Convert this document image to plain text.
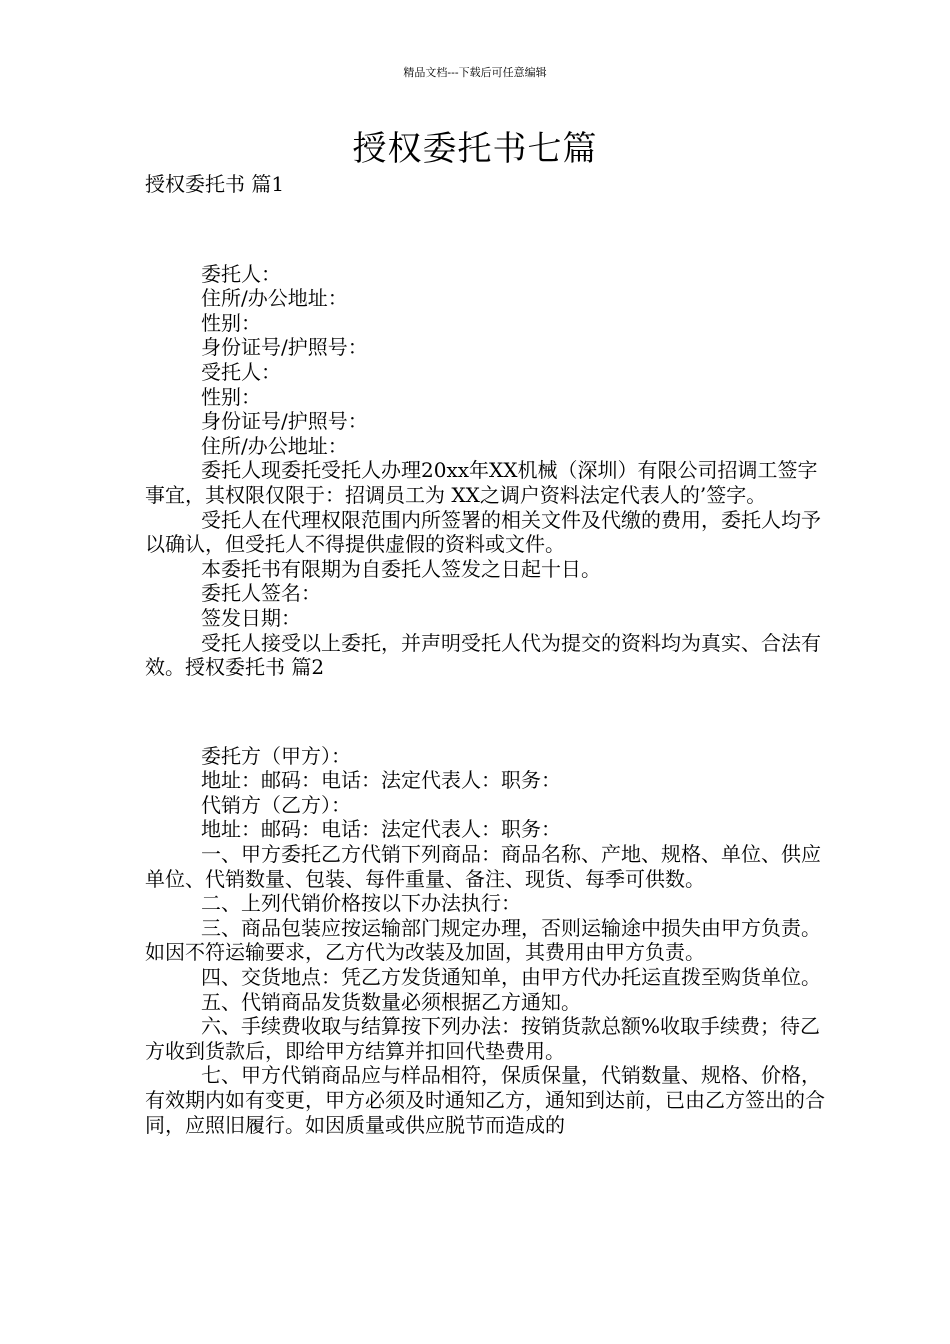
精品文档---下载后可任意编辑
授权委托书七篇

授权委托书 篇1

委托人：

住所/办公地址：

性别：

身份证号/护照号：

受托人：

性别：

身份证号/护照号：

住所/办公地址：

委托人现委托受托人办理20xx年XX机械（深圳）有限公司招调工签字事宜，其权限仅限于：招调员工为 XX之调户资料法定代表人的’签字。

受托人在代理权限范围内所签署的相关文件及代缴的费用，委托人均予以确认，但受托人不得提供虚假的资料或文件。

本委托书有限期为自委托人签发之日起十日。

委托人签名：

签发日期：

受托人接受以上委托，并声明受托人代为提交的资料均为真实、合法有效。授权委托书 篇2

委托方（甲方）：

地址：邮码：电话：法定代表人：职务：

代销方（乙方）：

地址：邮码：电话：法定代表人：职务：

一、甲方委托乙方代销下列商品：商品名称、产地、规格、单位、供应单位、代销数量、包装、每件重量、备注、现货、每季可供数。

二、上列代销价格按以下办法执行：

三、商品包装应按运输部门规定办理，否则运输途中损失由甲方负责。如因不符运输要求，乙方代为改装及加固，其费用由甲方负责。

四、交货地点：凭乙方发货通知单，由甲方代办托运直拨至购货单位。

五、代销商品发货数量必须根据乙方通知。

六、手续费收取与结算按下列办法：按销货款总额%收取手续费；待乙方收到货款后，即给甲方结算并扣回代垫费用。

七、甲方代销商品应与样品相符，保质保量，代销数量、规格、价格，有效期内如有变更，甲方必须及时通知乙方，通知到达前，已由乙方签出的合同，应照旧履行。如因质量或供应脱节而造成的
